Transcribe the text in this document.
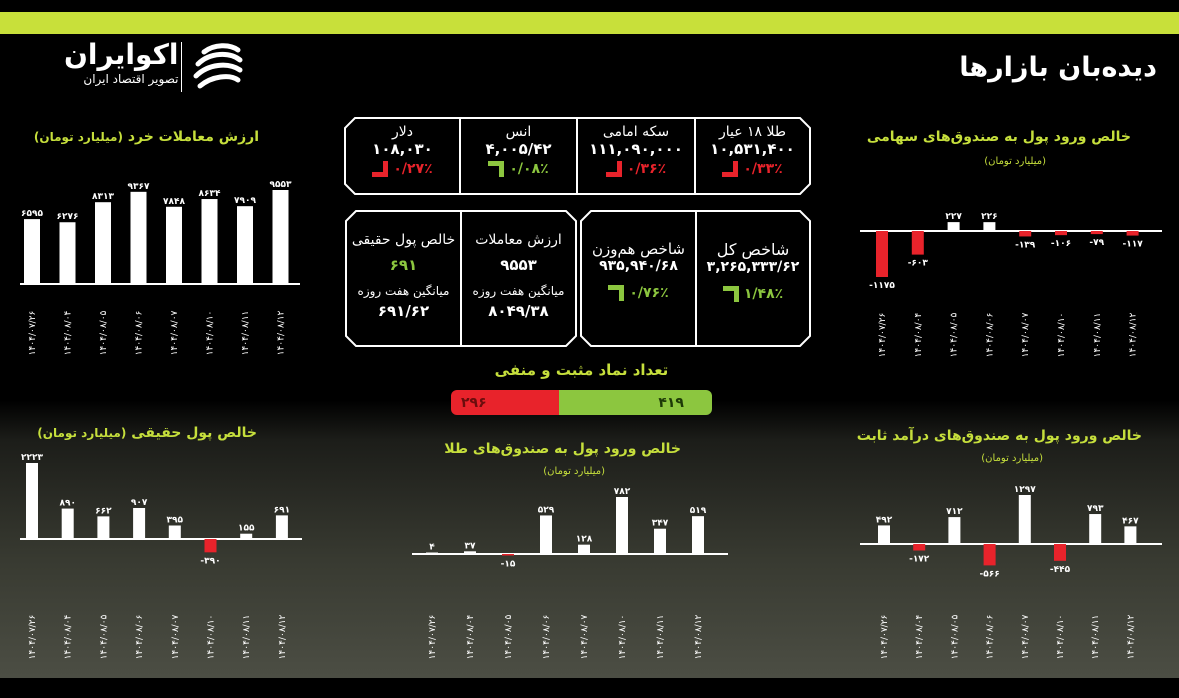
اکوایران
تصویر اقتصاد ایران	دیده‌بان بازارها
ارزش معاملات خرد (میلیارد تومان)	خالص ورود پول به صندوق‌های سهامی
(میلیارد تومان)
خالص پول حقیقی (میلیارد تومان)
خالص ورود پول به صندوق‌های طلا
(میلیارد تومان)
خالص ورود پول به صندوق‌های درآمد ثابت
(میلیارد تومان)
طلا ۱۸ عیار
۱۰,۵۳۱,۴۰۰
۰/۳۳٪
سکه امامی
۱۱۱,۰۹۰,۰۰۰
۰/۳۶٪
انس
۴,۰۰۵/۴۲
۰/۰۸٪
دلار
۱۰۸,۰۳۰
۰/۲۷٪
شاخص کل
۳,۲۶۵,۳۳۳/۶۲
۱/۴۸٪
شاخص هم‌وزن
۹۳۵,۹۴۰/۶۸
۰/۷۶٪
ارزش معاملات
۹۵۵۳
میانگین هفت روزه
۸۰۴۹/۳۸
خالص پول حقیقی
۶۹۱
میانگین هفت روزه
۶۹۱/۶۲
تعداد نماد مثبت و منفی
۲۹۶	۴۱۹
۶۵۹۵
۱۴۰۴/۰۷/۲۶
۶۲۷۶
۱۴۰۴/۰۸/۰۴
۸۳۱۳
۱۴۰۴/۰۸/۰۵
۹۳۶۷
۱۴۰۴/۰۸/۰۶
۷۸۴۸
۱۴۰۴/۰۸/۰۷
۸۶۳۴
۱۴۰۴/۰۸/۱۰
۷۹۰۹
۱۴۰۴/۰۸/۱۱
۹۵۵۳
۱۴۰۴/۰۸/۱۲
-۱۱۷۵
۱۴۰۴/۰۷/۲۶
-۶۰۳
۱۴۰۴/۰۸/۰۴
۲۲۷
۱۴۰۴/۰۸/۰۵
۲۲۶
۱۴۰۴/۰۸/۰۶
-۱۳۹
۱۴۰۴/۰۸/۰۷
-۱۰۶
۱۴۰۴/۰۸/۱۰
-۷۹
۱۴۰۴/۰۸/۱۱
-۱۱۷
۱۴۰۴/۰۸/۱۲
۲۲۲۳
۱۴۰۴/۰۷/۲۶
۸۹۰
۱۴۰۴/۰۸/۰۴
۶۶۲
۱۴۰۴/۰۸/۰۵
۹۰۷
۱۴۰۴/۰۸/۰۶
۳۹۵
۱۴۰۴/۰۸/۰۷
-۳۹۰
۱۴۰۴/۰۸/۱۰
۱۵۵
۱۴۰۴/۰۸/۱۱
۶۹۱
۱۴۰۴/۰۸/۱۲
۴
۱۴۰۴/۰۷/۲۶
۳۷
۱۴۰۴/۰۸/۰۴
-۱۵
۱۴۰۴/۰۸/۰۵
۵۲۹
۱۴۰۴/۰۸/۰۶
۱۲۸
۱۴۰۴/۰۸/۰۷
۷۸۲
۱۴۰۴/۰۸/۱۰
۳۴۷
۱۴۰۴/۰۸/۱۱
۵۱۹
۱۴۰۴/۰۸/۱۲
۴۹۲
۱۴۰۴/۰۷/۲۶
-۱۷۲
۱۴۰۴/۰۸/۰۴
۷۱۲
۱۴۰۴/۰۸/۰۵
-۵۶۶
۱۴۰۴/۰۸/۰۶
۱۲۹۷
۱۴۰۴/۰۸/۰۷
-۴۴۵
۱۴۰۴/۰۸/۱۰
۷۹۳
۱۴۰۴/۰۸/۱۱
۴۶۷
۱۴۰۴/۰۸/۱۲
